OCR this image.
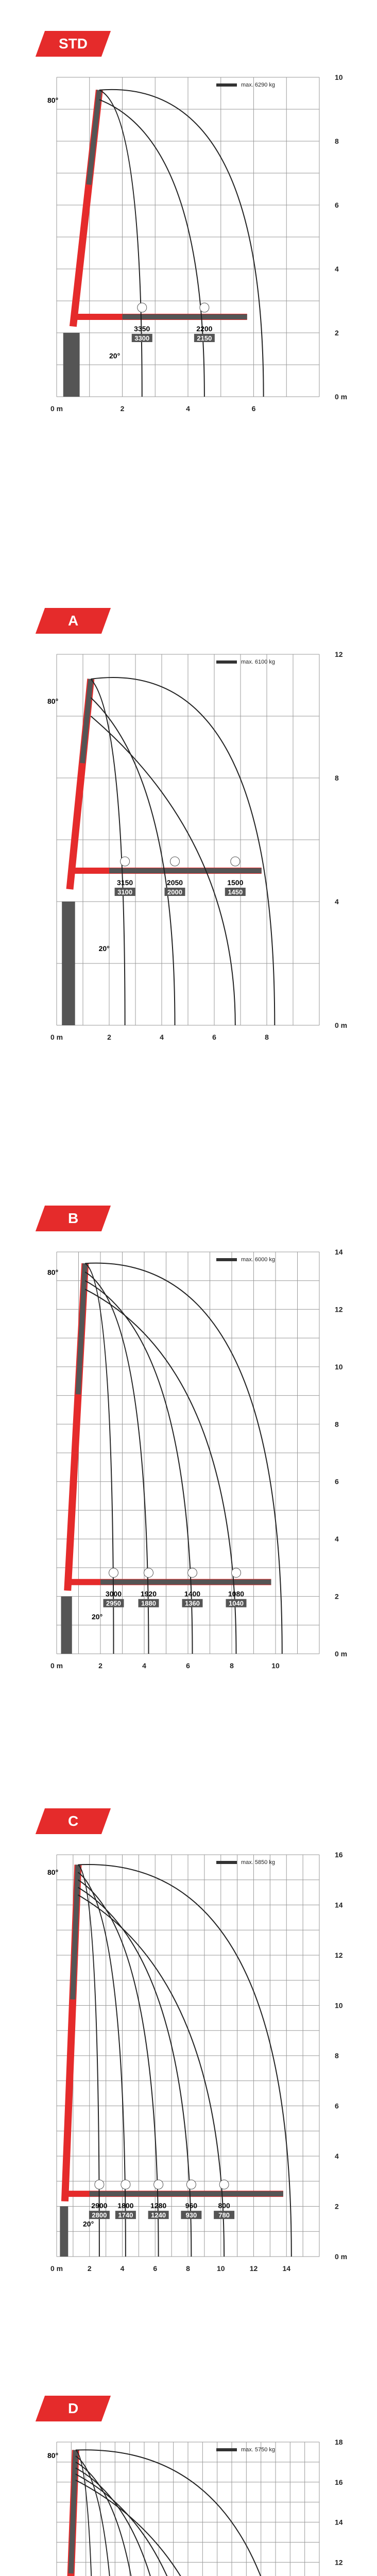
STD
0 m	2	4	6
10
8
6
4
2
0 m
max. 6290 kg
80°
20°
3350
3300
2200
2150
A
0 m	2	4	6	8
12
8
4
0 m
max. 6100 kg
80°
20°
3150
3100
2050
2000
1500
1450
B
0 m	2	4	6	8	10
14
12
10
8
6
4
2
0 m
max. 6000 kg
80°
20°
3000
2950
1920
1880
1400
1360
1080
1040
C
0 m	2	4	6	8	10	12	14
16
14
12
10
8
6
4
2
0 m
max. 5850 kg
80°
20°
2900
2800
1800
1740
1280
1240
960
930
800
780
D
18
16
14
12
max. 5750 kg
80°
